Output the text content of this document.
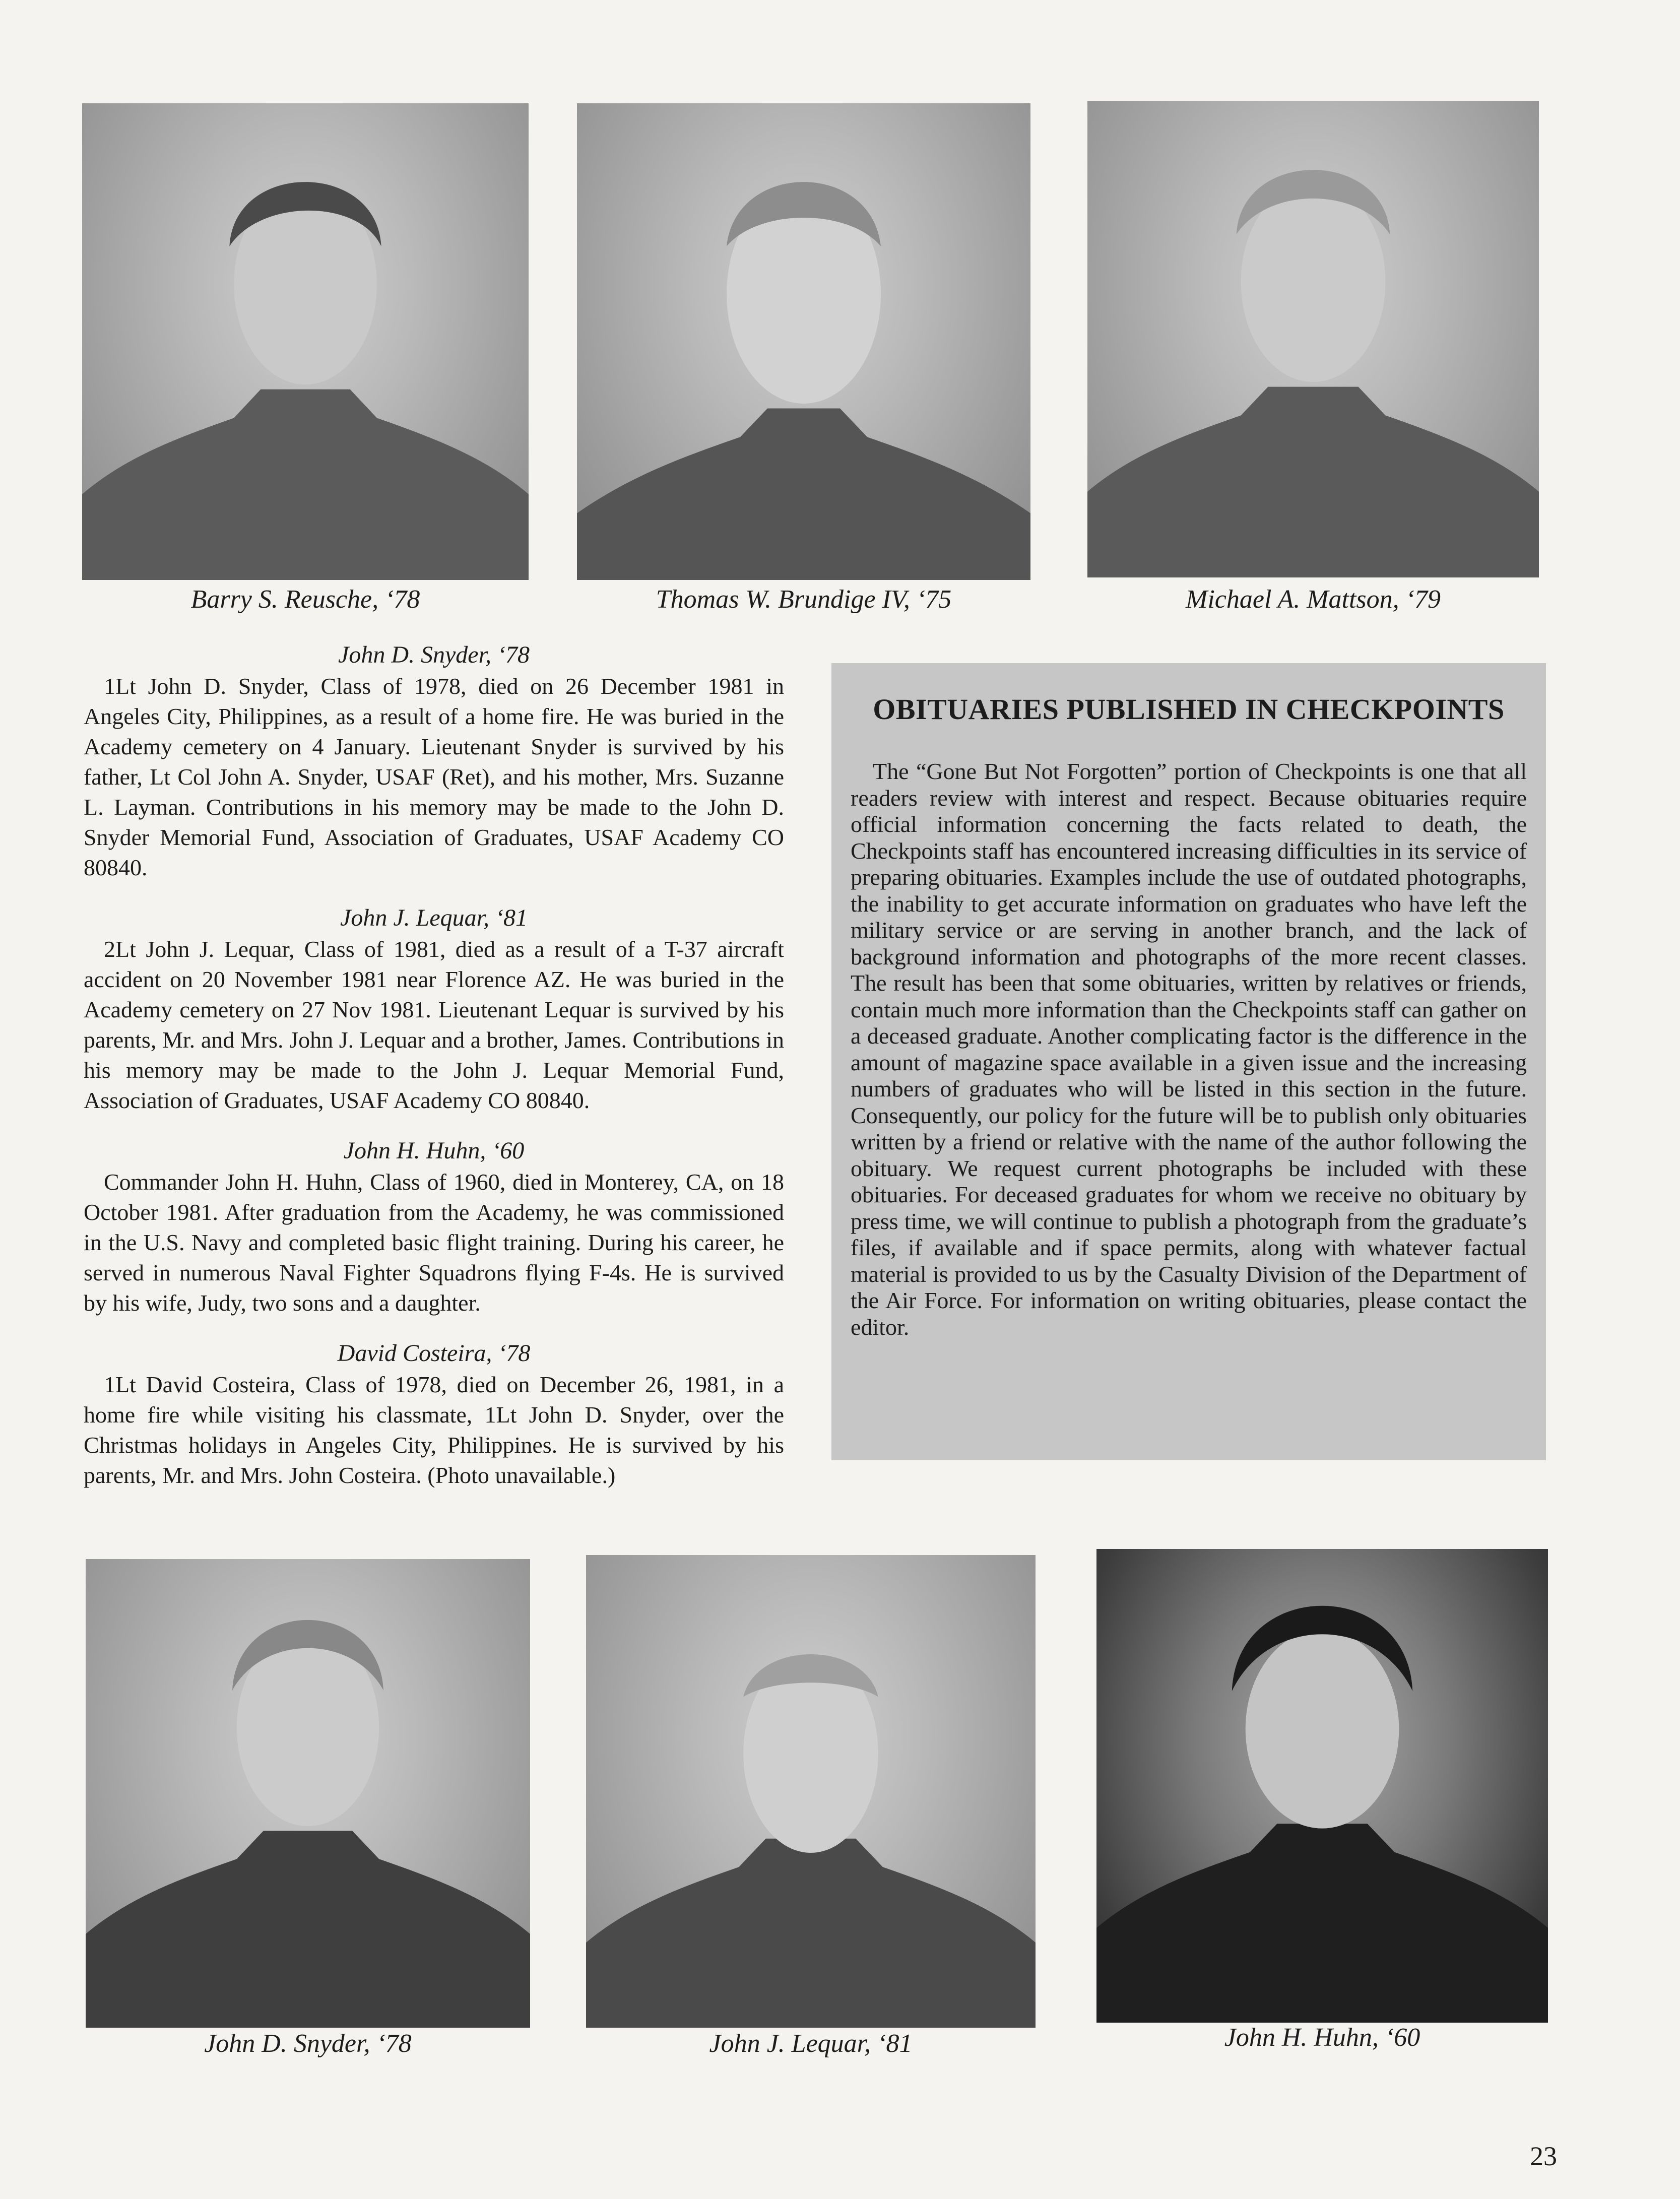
Barry S. Reusche, ‘78	Thomas W. Brundige IV, ‘75	Michael A. Mattson, ‘79
John D. Snyder, ‘78
1Lt John D. Snyder, Class of 1978, died on 26 December 1981 in Angeles City, Philippines, as a result of a home fire. He was buried in the Academy cemetery on 4 January. Lieutenant Snyder is survived by his father, Lt Col John A. Snyder, USAF (Ret), and his mother, Mrs. Suzanne L. Layman. Contributions in his memory may be made to the John D. Snyder Memorial Fund, Association of Graduates, USAF Academy CO 80840.
John J. Lequar, ‘81
2Lt John J. Lequar, Class of 1981, died as a result of a T-37 aircraft accident on 20 November 1981 near Florence AZ. He was buried in the Academy cemetery on 27 Nov 1981. Lieutenant Lequar is survived by his parents, Mr. and Mrs. John J. Lequar and a brother, James. Contributions in his memory may be made to the John J. Lequar Memorial Fund, Association of Graduates, USAF Academy CO 80840.
John H. Huhn, ‘60
Commander John H. Huhn, Class of 1960, died in Monterey, CA, on 18 October 1981. After graduation from the Academy, he was commissioned in the U.S. Navy and completed basic flight training. During his career, he served in numerous Naval Fighter Squadrons flying F-4s. He is survived by his wife, Judy, two sons and a daughter.
David Costeira, ‘78
1Lt David Costeira, Class of 1978, died on December 26, 1981, in a home fire while visiting his classmate, 1Lt John D. Snyder, over the Christmas holidays in Angeles City, Philippines. He is survived by his parents, Mr. and Mrs. John Costeira. (Photo unavailable.)
OBITUARIES PUBLISHED IN CHECKPOINTS
The “Gone But Not Forgotten” portion of Checkpoints is one that all readers review with interest and respect. Because obituaries require official information concerning the facts related to death, the Checkpoints staff has encountered increasing difficulties in its service of preparing obituaries. Examples include the use of outdated photographs, the inability to get accurate information on graduates who have left the military service or are serving in another branch, and the lack of background information and photographs of the more recent classes. The result has been that some obituaries, written by relatives or friends, contain much more information than the Checkpoints staff can gather on a deceased graduate. Another complicating factor is the difference in the amount of magazine space available in a given issue and the increasing numbers of graduates who will be listed in this section in the future. Consequently, our policy for the future will be to publish only obituaries written by a friend or relative with the name of the author following the obituary. We request current photographs be included with these obituaries. For deceased graduates for whom we receive no obituary by press time, we will continue to publish a photograph from the graduate’s files, if available and if space permits, along with whatever factual material is provided to us by the Casualty Division of the Department of the Air Force. For information on writing obituaries, please contact the editor.
John D. Snyder, ‘78	John J. Lequar, ‘81	John H. Huhn, ‘60
23
